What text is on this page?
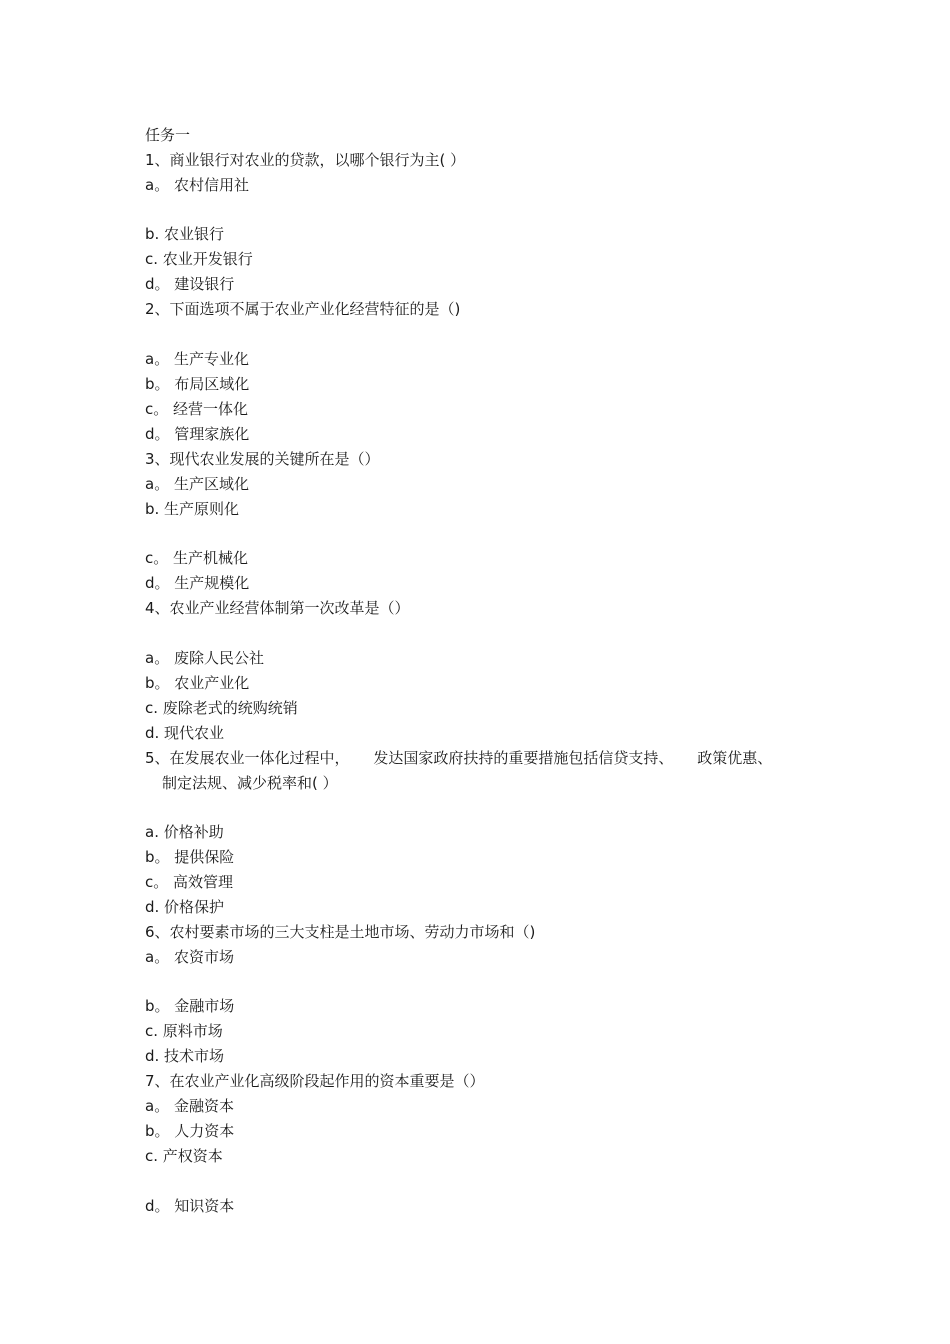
任务一
1、商业银行对农业的贷款，以哪个银行为主( ）
a。 农村信用社
b. 农业银行
c. 农业开发银行
d。 建设银行
2、下面选项不属于农业产业化经营特征的是（)
a。 生产专业化
b。 布局区域化
c。 经营一体化
d。 管理家族化
3、现代农业发展的关键所在是（）
a。 生产区域化
b. 生产原则化
c。 生产机械化
d。 生产规模化
4、农业产业经营体制第一次改革是（）
a。 废除人民公社
b。 农业产业化
c. 废除老式的统购统销
d. 现代农业
5、在发展农业一体化过程中，     发达国家政府扶持的重要措施包括信贷支持、     政策优惠、
制定法规、减少税率和( ）
a. 价格补助
b。 提供保险
c。 高效管理
d. 价格保护
6、农村要素市场的三大支柱是土地市场、劳动力市场和（)
a。 农资市场
b。 金融市场
c. 原料市场
d. 技术市场
7、在农业产业化高级阶段起作用的资本重要是（）
a。 金融资本
b。 人力资本
c. 产权资本
d。 知识资本
